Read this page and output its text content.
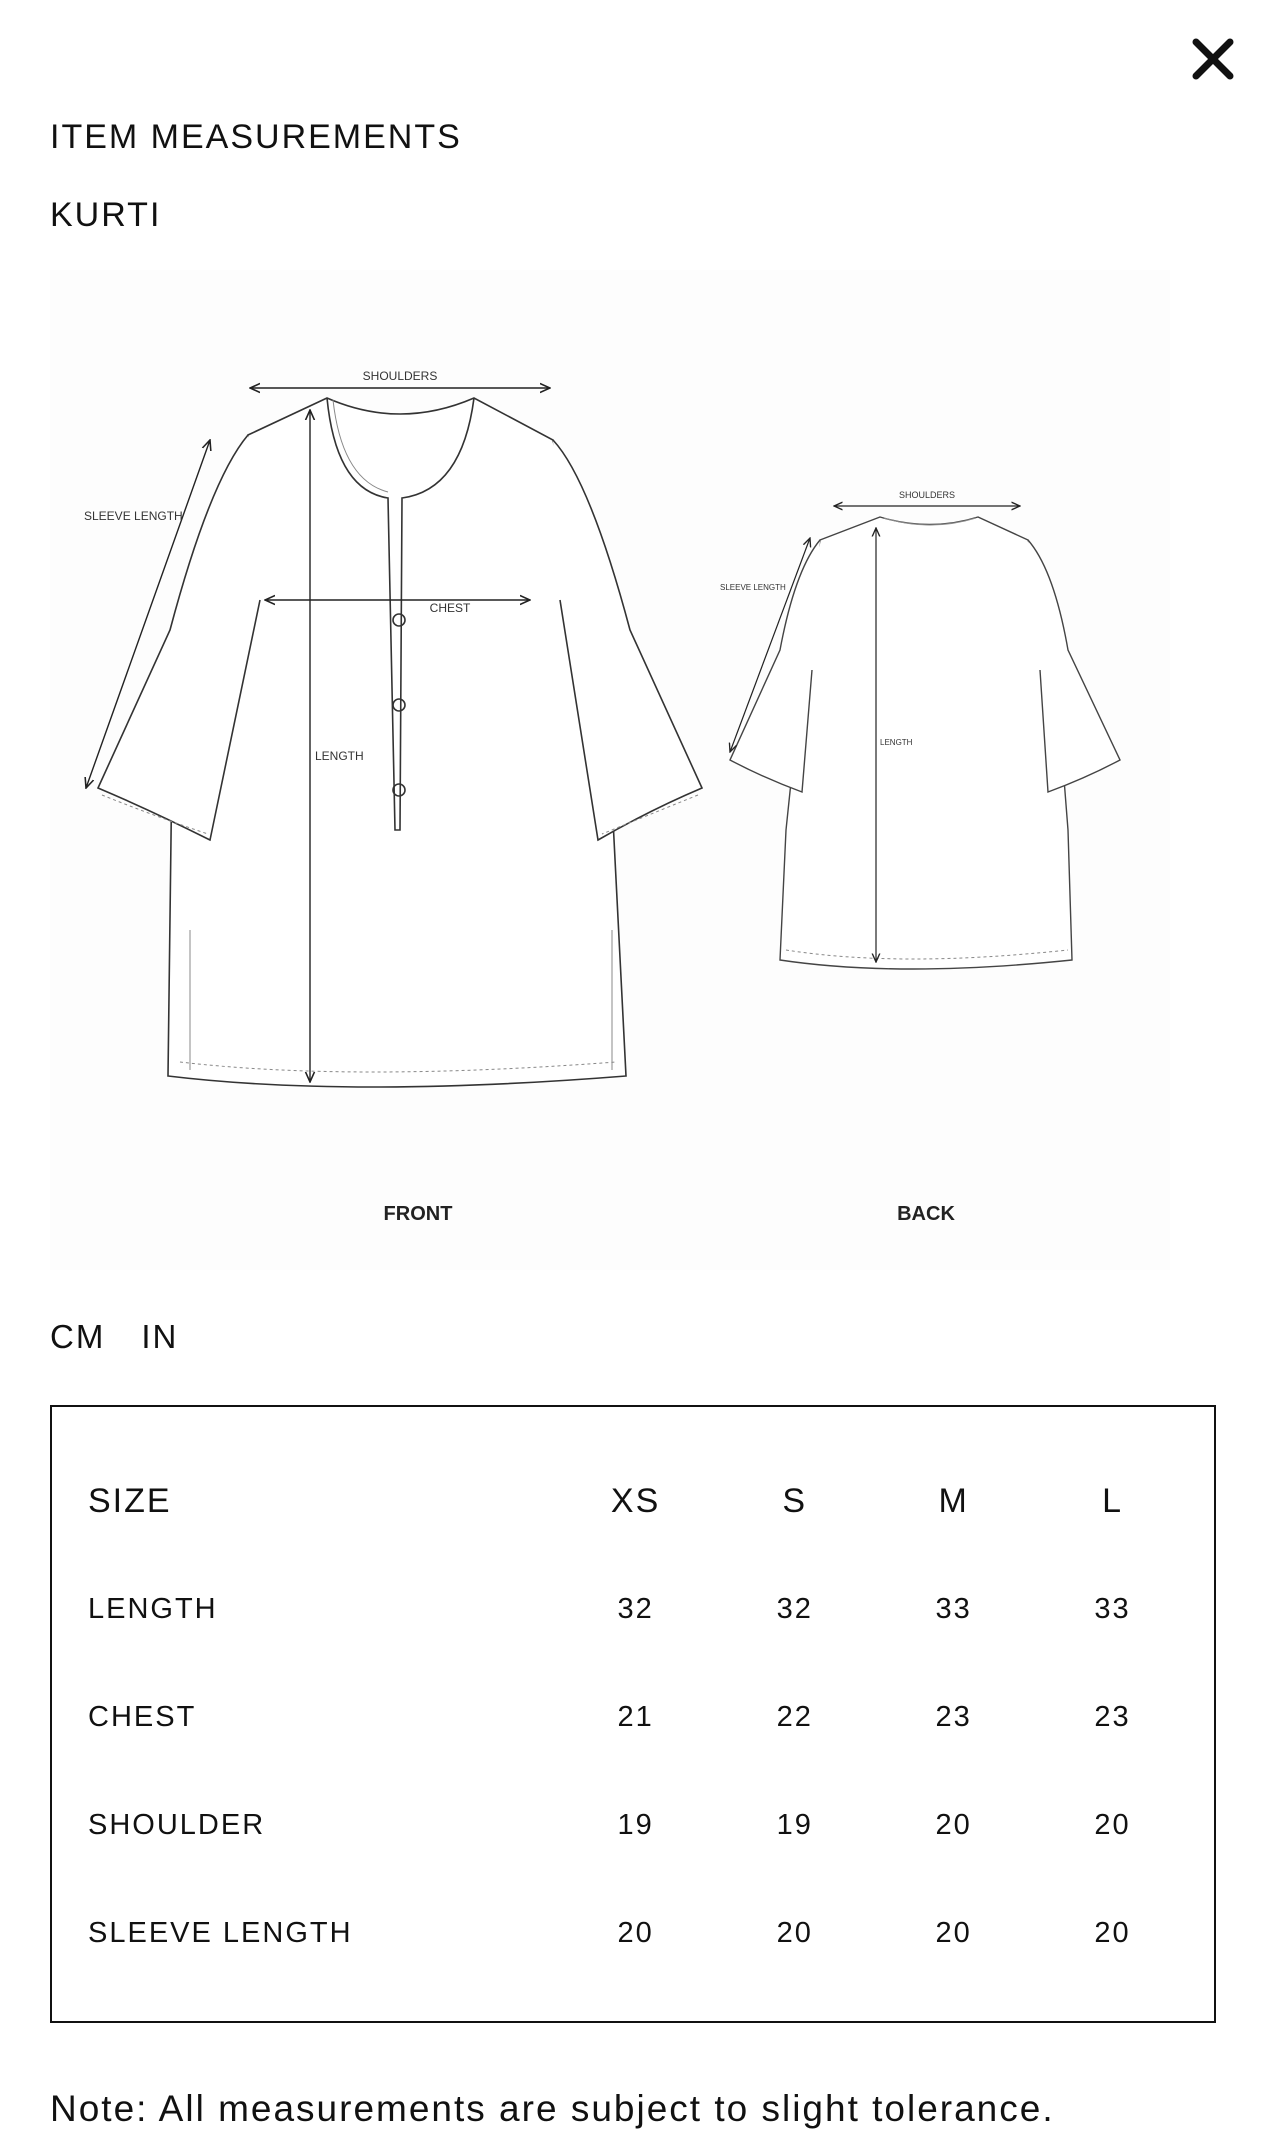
ITEM MEASUREMENTS
KURTI
SHOULDERS
SLEEVE LENGTH
CHEST
LENGTH
FRONT
SHOULDERS
SLEEVE LENGTH
LENGTH
BACK
CM IN
SIZE	XS	S	M	L
LENGTH	32	32	33	33
CHEST	21	22	23	23
SHOULDER	19	19	20	20
SLEEVE LENGTH	20	20	20	20
Note: All measurements are subject to slight tolerance.
